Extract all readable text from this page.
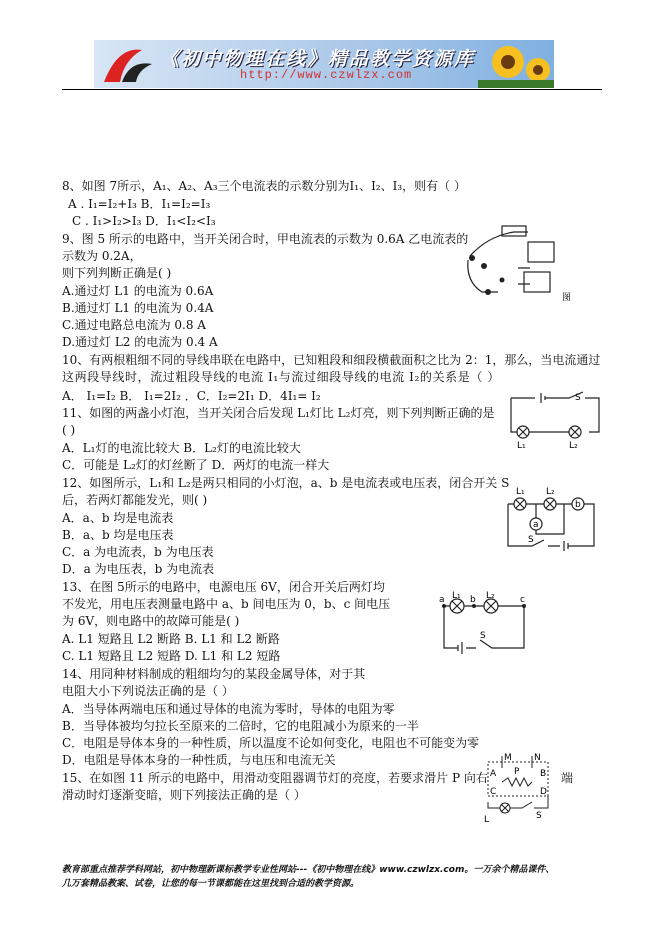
《初中物理在线》精品教学资源库
http://www.czwlzx.com
8、如图 7所示，A₁、A₂、A₃三个电流表的示数分别为I₁、I₂、I₃，则有（ ）
A . I₁=I₂+I₃ B．I₁=I₂=I₃
C . I₁>I₂>I₃ D．I₁<I₂<I₃
9、图 5 所示的电路中，当开关闭合时，甲电流表的示数为 0.6A 乙电流表的
示数为 0.2A，
则下列判断正确是( )
A.通过灯 L1 的电流为 0.6A
B.通过灯 L1 的电流为 0.4A
C.通过电路总电流为 0.8 A
D.通过灯 L2 的电流为 0.4 A
图
10、有两根粗细不同的导线串联在电路中，已知粗段和细段横截面积之比为 2：1，那么，当电流通过
这两段导线时，流过粗段导线的电流 I₁与流过细段导线的电流 I₂的关系是（ ）
A． I₁=I₂ B． I₁=2I₂ ．C．I₂=2I₁ D．4I₁= I₂
11、如图的两盏小灯泡，当开关闭合后发现 L₁灯比 L₂灯亮，则下列判断正确的是
( )
A．L₁灯的电流比较大 B．L₂灯的电流比较大
C．可能是 L₂灯的灯丝断了 D．两灯的电流一样大
S
L₁	L₂
12、如图所示，L₁和 L₂是两只相同的小灯泡，a、b 是电流表或电压表，闭合开关 S
后，若两灯都能发光，则( )
A．a、b 均是电流表
B．a、b 均是电压表
C．a 为电流表，b 为电压表
D．a 为电压表，b 为电流表
L₁ L₂
a
b
S
13、在图 5所示的电路中，电源电压 6V，闭合开关后两灯均
不发光，用电压表测量电路中 a、b 间电压为 0，b、c 间电压
为 6V，则电路中的故障可能是( )
A. L1 短路且 L2 断路 B. L1 和 L2 断路
C. L1 短路且 L2 短路 D. L1 和 L2 短路
a L₁ b L₂	c
S
14、用同种材料制成的粗细均匀的某段金属导体，对于其
电阻大小下列说法正确的是（ ）
A．当导体两端电压和通过导体的电流为零时，导体的电阻为零
B．当导体被均匀拉长至原来的二倍时，它的电阻减小为原来的一半
C．电阻是导体本身的一种性质，所以温度不论如何变化，电阻也不可能变为零
D．电阻是导体本身的一种性质，与电压和电流无关
15、在如图 11 所示的电路中，用滑动变阻器调节灯的亮度，若要求滑片 P 向右	端
滑动时灯逐渐变暗，则下列接法正确的是（ ）
M N
A	B
P
C	D
L	S
教育部重点推荐学科网站，初中物理新课标教学专业性网站---《初中物理在线》www.czwlzx.com。一万余个精品课件、
几万套精品教案、试卷，让您的每一节课都能在这里找到合适的教学资源。
